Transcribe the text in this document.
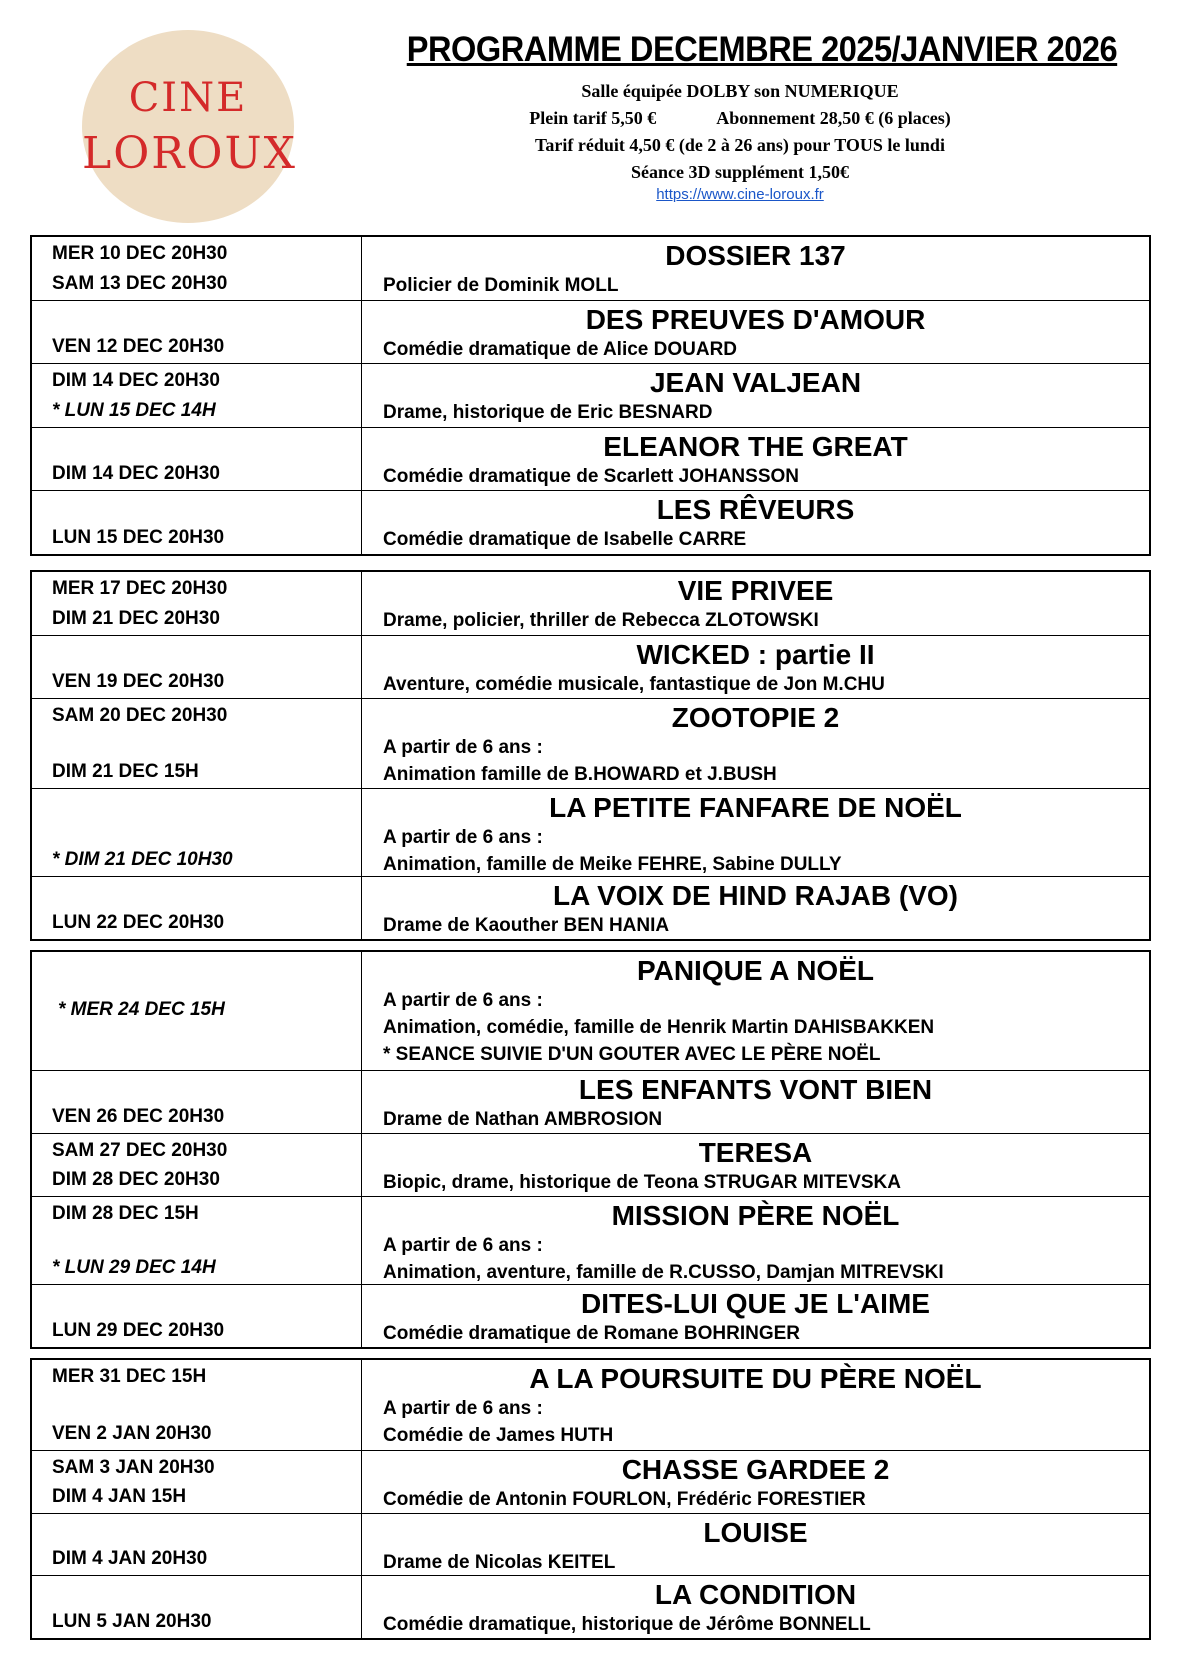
CINE
LOROUX
PROGRAMME DECEMBRE 2025/JANVIER 2026
Salle équipée DOLBY son NUMERIQUE
Plein tarif 5,50 €	Abonnement 28,50 € (6 places)
Tarif réduit 4,50 € (de 2 à 26 ans) pour TOUS le lundi
Séance 3D supplément 1,50€
https://www.cine-loroux.fr
MER 10 DEC 20H30
SAM 13 DEC 20H30
DOSSIER 137
Policier de Dominik MOLL
VEN 12 DEC 20H30
DES PREUVES D'AMOUR
Comédie dramatique de Alice DOUARD
DIM 14 DEC 20H30
* LUN 15 DEC 14H
JEAN VALJEAN
Drame, historique de Eric BESNARD
DIM 14 DEC 20H30
ELEANOR THE GREAT
Comédie dramatique de Scarlett JOHANSSON
LUN 15 DEC 20H30
LES RÊVEURS
Comédie dramatique de Isabelle CARRE
MER 17 DEC 20H30
DIM 21 DEC 20H30
VIE PRIVEE
Drame, policier, thriller de Rebecca ZLOTOWSKI
VEN 19 DEC 20H30
WICKED : partie II
Aventure, comédie musicale, fantastique de Jon M.CHU
SAM 20 DEC 20H30
DIM 21 DEC 15H
ZOOTOPIE 2
A partir de 6 ans :
Animation famille de B.HOWARD et J.BUSH
* DIM 21 DEC 10H30
LA PETITE FANFARE DE NOËL
A partir de 6 ans :
Animation, famille de Meike FEHRE, Sabine DULLY
LUN 22 DEC 20H30
LA VOIX DE HIND RAJAB (VO)
Drame de Kaouther BEN HANIA
* MER 24 DEC 15H
PANIQUE A NOËL
A partir de 6 ans :
Animation, comédie, famille de Henrik Martin DAHISBAKKEN
* SEANCE SUIVIE D'UN GOUTER AVEC LE PÈRE NOËL
VEN 26 DEC 20H30
LES ENFANTS VONT BIEN
Drame de Nathan AMBROSION
SAM 27 DEC 20H30
DIM 28 DEC 20H30
TERESA
Biopic, drame, historique de Teona STRUGAR MITEVSKA
DIM 28 DEC 15H
* LUN 29 DEC 14H
MISSION PÈRE NOËL
A partir de 6 ans :
Animation, aventure, famille de R.CUSSO, Damjan MITREVSKI
LUN 29 DEC 20H30
DITES-LUI QUE JE L'AIME
Comédie dramatique de Romane BOHRINGER
MER 31 DEC 15H
VEN 2 JAN 20H30
A LA POURSUITE DU PÈRE NOËL
A partir de 6 ans :
Comédie de James HUTH
SAM 3 JAN 20H30
DIM 4 JAN 15H
CHASSE GARDEE 2
Comédie de Antonin FOURLON, Frédéric FORESTIER
DIM 4 JAN 20H30
LOUISE
Drame de Nicolas KEITEL
LUN 5 JAN 20H30
LA CONDITION
Comédie dramatique, historique de Jérôme BONNELL
